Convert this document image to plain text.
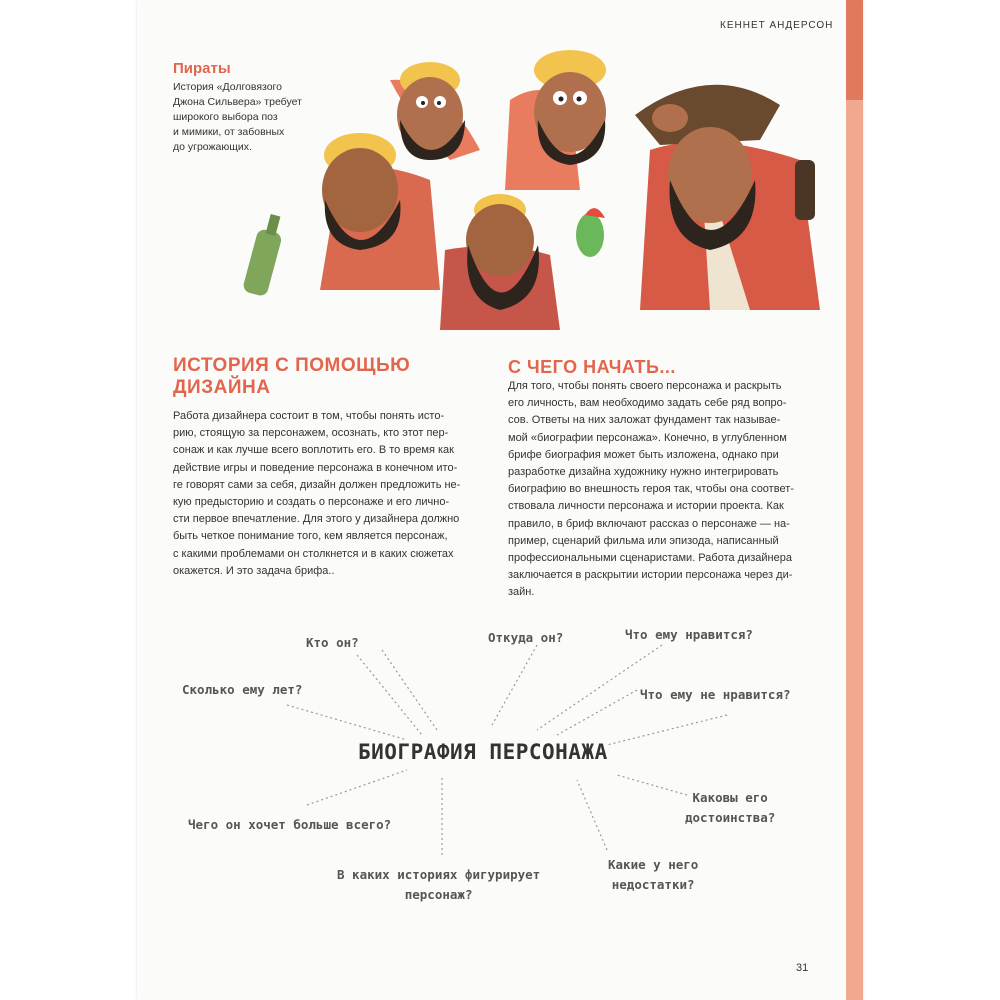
КЕННЕТ АНДЕРСОН
Пираты
История «Долговязого
Джона Сильвера» требует
широкого выбора поз
и мимики, от забовных
до угрожающих.
ИСТОРИЯ С ПОМОЩЬЮ
ДИЗАЙНА
Работа дизайнера состоит в том, чтобы понять исто-
рию, стоящую за персонажем, осознать, кто этот пер-
сонаж и как лучше всего воплотить его. В то время как
действие игры и поведение персонажа в конечном ито-
ге говорят сами за себя, дизайн должен предложить не-
кую предысторию и создать о персонаже и его лично-
сти первое впечатление. Для этого у дизайнера должно
быть четкое понимание того, кем является персонаж,
с какими проблемами он столкнется и в каких сюжетах
окажется. И это задача брифа..
С ЧЕГО НАЧАТЬ...
Для того, чтобы понять своего персонажа и раскрыть
его личность, вам необходимо задать себе ряд вопро-
сов. Ответы на них заложат фундамент так называе-
мой «биографии персонажа». Конечно, в углубленном
брифе биография может быть изложена, однако при
разработке дизайна художнику нужно интегрировать
биографию во внешность героя так, чтобы она соответ-
ствовала личности персонажа и истории проекта. Как
правило, в бриф включают рассказ о персонаже — на-
пример, сценарий фильма или эпизода, написанный
профессиональными сценаристами. Работа дизайнера
заключается в раскрытии истории персонажа через ди-
зайн.
Кто он?	Откуда он?	Что ему нравится?
Сколько ему лет?	Что ему не нравится?
БИОГРАФИЯ ПЕРСОНАЖА
Каковы его
достоинства?
Чего он хочет больше всего?
Какие у него
недостатки?
В каких историях фигурирует
персонаж?
31
